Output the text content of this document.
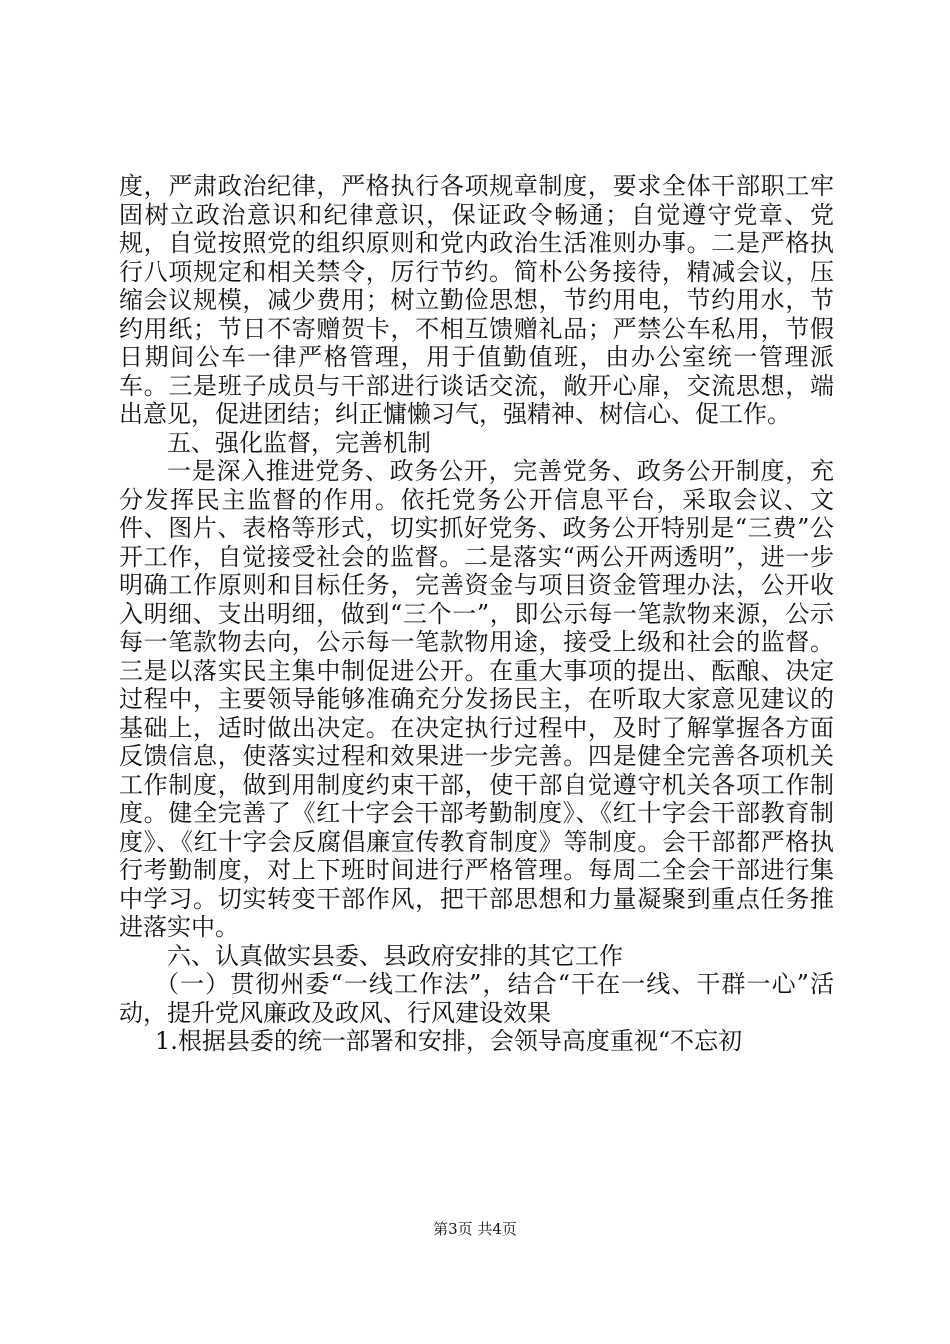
度，严肃政治纪律，严格执行各项规章制度，要求全体干部职工牢固树立政治意识和纪律意识，保证政令畅通；自觉遵守党章、党规，自觉按照党的组织原则和党内政治生活准则办事。二是严格执行八项规定和相关禁令，厉行节约。简朴公务接待，精减会议，压缩会议规模，减少费用；树立勤俭思想，节约用电，节约用水，节约用纸；节日不寄赠贺卡，不相互馈赠礼品；严禁公车私用，节假日期间公车一律严格管理，用于值勤值班，由办公室统一管理派车。三是班子成员与干部进行谈话交流，敞开心扉，交流思想，端出意见，促进团结；纠正慵懒习气，强精神、树信心、促工作。

五、强化监督，完善机制

一是深入推进党务、政务公开，完善党务、政务公开制度，充分发挥民主监督的作用。依托党务公开信息平台，采取会议、文件、图片、表格等形式，切实抓好党务、政务公开特别是“三费”公开工作，自觉接受社会的监督。二是落实“两公开两透明”，进一步明确工作原则和目标任务，完善资金与项目资金管理办法，公开收入明细、支出明细，做到“三个一”，即公示每一笔款物来源，公示每一笔款物去向，公示每一笔款物用途，接受上级和社会的监督。三是以落实民主集中制促进公开。在重大事项的提出、酝酿、决定过程中，主要领导能够准确充分发扬民主，在听取大家意见建议的基础上，适时做出决定。在决定执行过程中，及时了解掌握各方面反馈信息，使落实过程和效果进一步完善。四是健全完善各项机关工作制度，做到用制度约束干部，使干部自觉遵守机关各项工作制度。健全完善了《红十字会干部考勤制度》、《红十字会干部教育制度》、《红十字会反腐倡廉宣传教育制度》等制度。会干部都严格执行考勤制度，对上下班时间进行严格管理。每周二全会干部进行集中学习。切实转变干部作风，把干部思想和力量凝聚到重点任务推进落实中。

六、认真做实县委、县政府安排的其它工作

（一）贯彻州委“一线工作法”，结合“干在一线、干群一心”活动，提升党风廉政及政风、行风建设效果

1.根据县委的统一部署和安排，会领导高度重视“不忘初

第3页 共4页
